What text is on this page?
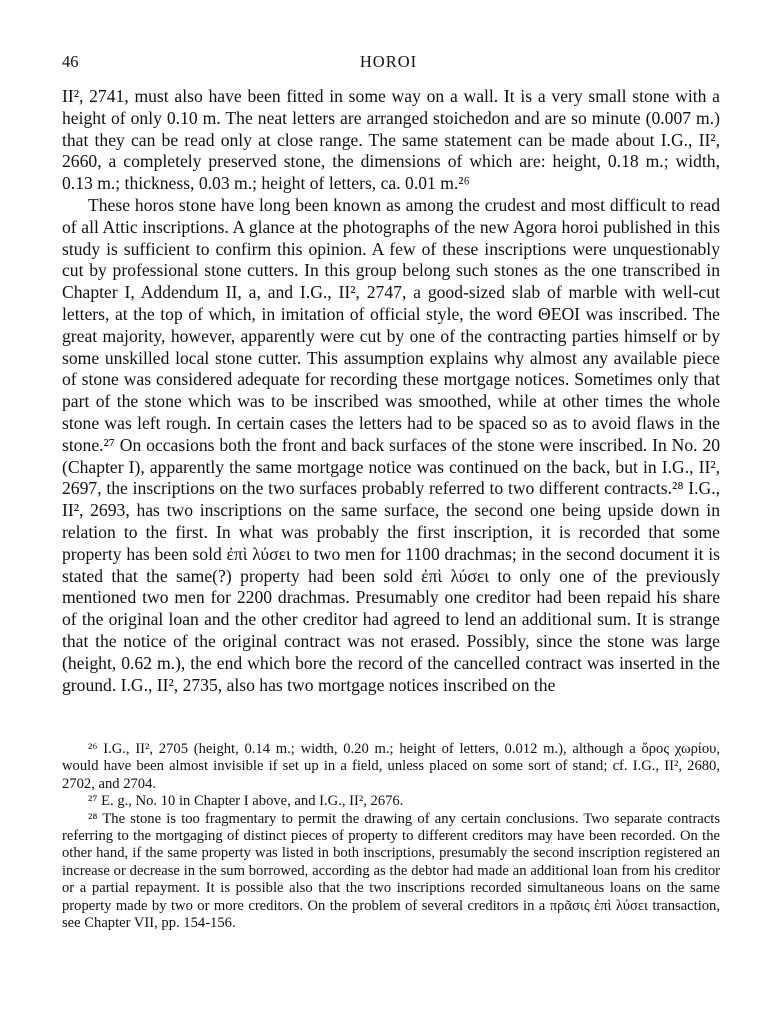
46	HOROI

II², 2741, must also have been fitted in some way on a wall. It is a very small stone with a height of only 0.10 m. The neat letters are arranged stoichedon and are so minute (0.007 m.) that they can be read only at close range. The same statement can be made about I.G., II², 2660, a completely preserved stone, the dimensions of which are: height, 0.18 m.; width, 0.13 m.; thickness, 0.03 m.; height of letters, ca. 0.01 m.²⁶

These horos stone have long been known as among the crudest and most difficult to read of all Attic inscriptions. A glance at the photographs of the new Agora horoi published in this study is sufficient to confirm this opinion. A few of these inscriptions were unquestionably cut by professional stone cutters. In this group belong such stones as the one transcribed in Chapter I, Addendum II, a, and I.G., II², 2747, a good-sized slab of marble with well-cut letters, at the top of which, in imitation of official style, the word ΘΕΟΙ was inscribed. The great majority, however, apparently were cut by one of the contracting parties himself or by some unskilled local stone cutter. This assumption explains why almost any available piece of stone was considered adequate for recording these mortgage notices. Sometimes only that part of the stone which was to be inscribed was smoothed, while at other times the whole stone was left rough. In certain cases the letters had to be spaced so as to avoid flaws in the stone.²⁷ On occasions both the front and back surfaces of the stone were inscribed. In No. 20 (Chapter I), apparently the same mortgage notice was continued on the back, but in I.G., II², 2697, the inscriptions on the two surfaces probably referred to two different contracts.²⁸ I.G., II², 2693, has two inscriptions on the same surface, the second one being upside down in relation to the first. In what was probably the first inscription, it is recorded that some property has been sold ἐπὶ λύσει to two men for 1100 drachmas; in the second document it is stated that the same(?) property had been sold ἐπὶ λύσει to only one of the previously mentioned two men for 2200 drachmas. Presumably one creditor had been repaid his share of the original loan and the other creditor had agreed to lend an additional sum. It is strange that the notice of the original contract was not erased. Possibly, since the stone was large (height, 0.62 m.), the end which bore the record of the cancelled contract was inserted in the ground. I.G., II², 2735, also has two mortgage notices inscribed on the

²⁶ I.G., II², 2705 (height, 0.14 m.; width, 0.20 m.; height of letters, 0.012 m.), although a ὅρος χωρίου, would have been almost invisible if set up in a field, unless placed on some sort of stand; cf. I.G., II², 2680, 2702, and 2704.

²⁷ E. g., No. 10 in Chapter I above, and I.G., II², 2676.

²⁸ The stone is too fragmentary to permit the drawing of any certain conclusions. Two separate contracts referring to the mortgaging of distinct pieces of property to different creditors may have been recorded. On the other hand, if the same property was listed in both inscriptions, presumably the second inscription registered an increase or decrease in the sum borrowed, according as the debtor had made an additional loan from his creditor or a partial repayment. It is possible also that the two inscriptions recorded simultaneous loans on the same property made by two or more creditors. On the problem of several creditors in a πρᾶσις ἐπὶ λύσει transaction, see Chapter VII, pp. 154-156.
